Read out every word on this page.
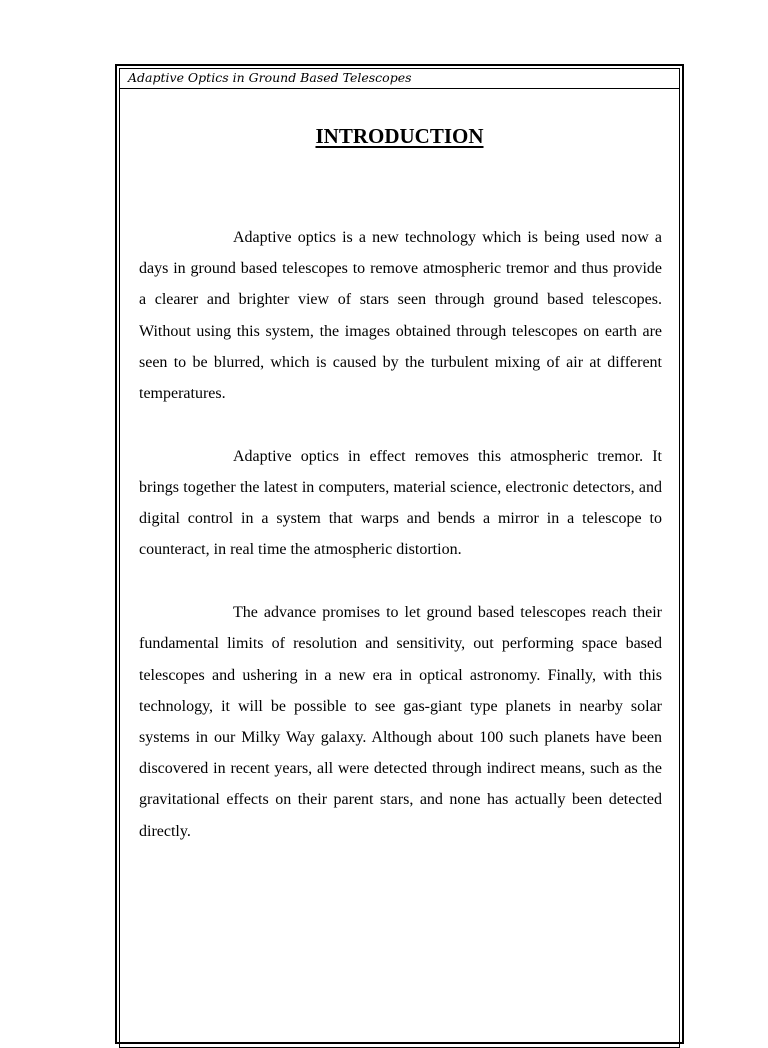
Adaptive Optics in Ground Based Telescopes
INTRODUCTION

Adaptive optics is a new technology which is being used now a days in ground based telescopes to remove atmospheric tremor and thus provide a clearer and brighter view of stars seen through ground based telescopes. Without using this system, the images obtained through telescopes on earth are seen to be blurred, which is caused by the turbulent mixing of air at different temperatures.

Adaptive optics in effect removes this atmospheric tremor. It brings together the latest in computers, material science, electronic detectors, and digital control in a system that warps and bends a mirror in a telescope to counteract, in real time the atmospheric distortion.

The advance promises to let ground based telescopes reach their fundamental limits of resolution and sensitivity, out performing space based telescopes and ushering in a new era in optical astronomy. Finally, with this technology, it will be possible to see gas-giant type planets in nearby solar systems in our Milky Way galaxy. Although about 100 such planets have been discovered in recent years, all were detected through indirect means, such as the gravitational effects on their parent stars, and none has actually been detected directly.
